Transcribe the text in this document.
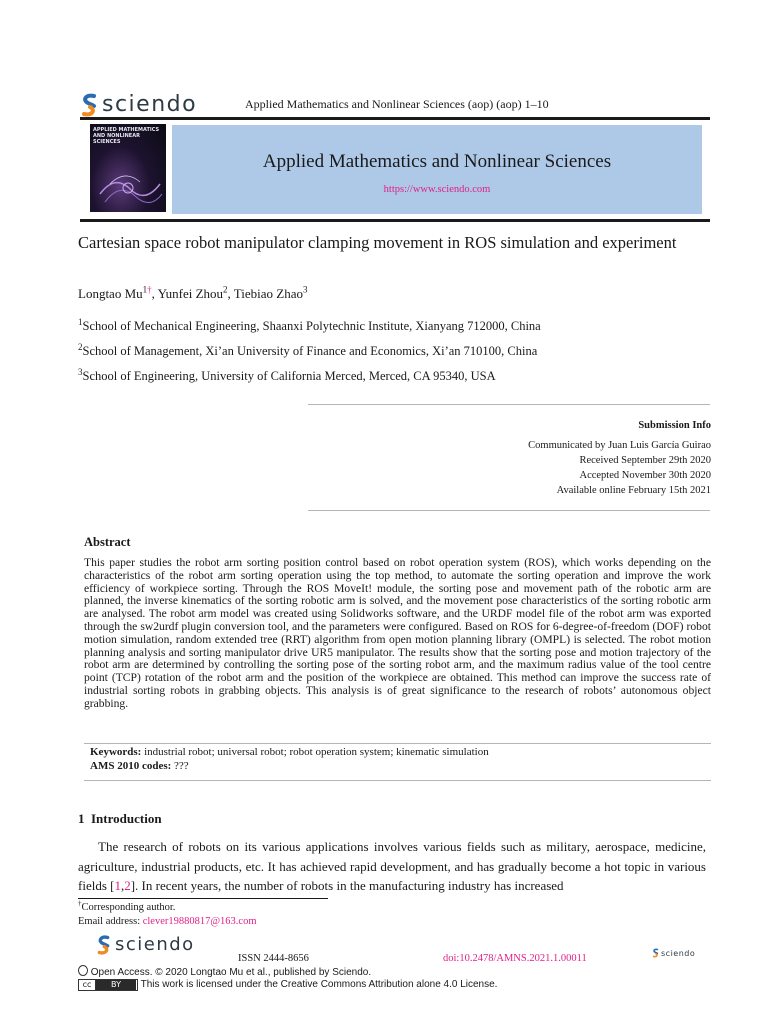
sciendo	Applied Mathematics and Nonlinear Sciences (aop) (aop) 1–10
APPLIED MATHEMATICS AND NONLINEAR SCIENCES
Applied Mathematics and Nonlinear Sciences
https://www.sciendo.com
Cartesian space robot manipulator clamping movement in ROS simulation and experiment
Longtao $Mu^{1\dagger}$, Yunfei Zhou$^2$, Tiebiao Zhao$^3$
$^1$School of Mechanical Engineering, Shaanxi Polytechnic Institute, Xianyang 712000, China
$^2$School of Management, Xi’an University of Finance and Economics, Xi’an 710100, China
$^3$School of Engineering, University of California Merced, Merced, CA 95340, USA
Submission Info
Communicated by Juan Luis García Guirao
Received September 29th 2020
Accepted November 30th 2020
Available online February 15th 2021
Abstract
This paper studies the robot arm sorting position control based on robot operation system (ROS), which works depending on the characteristics of the robot arm sorting operation using the top method, to automate the sorting operation and improve the work efficiency of workpiece sorting. Through the ROS MoveIt! module, the sorting pose and movement path of the robotic arm are planned, the inverse kinematics of the sorting robotic arm is solved, and the movement pose characteristics of the sorting robotic arm are analysed. The robot arm model was created using Solidworks software, and the URDF model file of the robot arm was exported through the sw2urdf plugin conversion tool, and the parameters were configured. Based on ROS for 6-degree-of-freedom (DOF) robot motion simulation, random extended tree (RRT) algorithm from open motion planning library (OMPL) is selected. The robot motion planning analysis and sorting manipulator drive UR5 manipulator. The results show that the sorting pose and motion trajectory of the robot arm are determined by controlling the sorting pose of the sorting robot arm, and the maximum radius value of the tool centre point (TCP) rotation of the robot arm and the position of the workpiece are obtained. This method can improve the success rate of industrial sorting robots in grabbing objects. This analysis is of great significance to the research of robots’ autonomous object grabbing.
Keywords: industrial robot; universal robot; robot operation system; kinematic simulation
AMS 2010 codes: ???
1 Introduction
The research of robots on its various applications involves various fields such as military, aerospace, medicine, agriculture, industrial products, etc. It has achieved rapid development, and has gradually become a hot topic in various fields [1,2]. In recent years, the number of robots in the manufacturing industry has increased
†Corresponding author.
Email address: clever19880817@163.com
sciendo
ISSN 2444-8656	doi:10.2478/AMNS.2021.1.00011	sciendo
Open Access. © 2020 Longtao Mu et al., published by Sciendo.
cc BY This work is licensed under the Creative Commons Attribution alone 4.0 License.
